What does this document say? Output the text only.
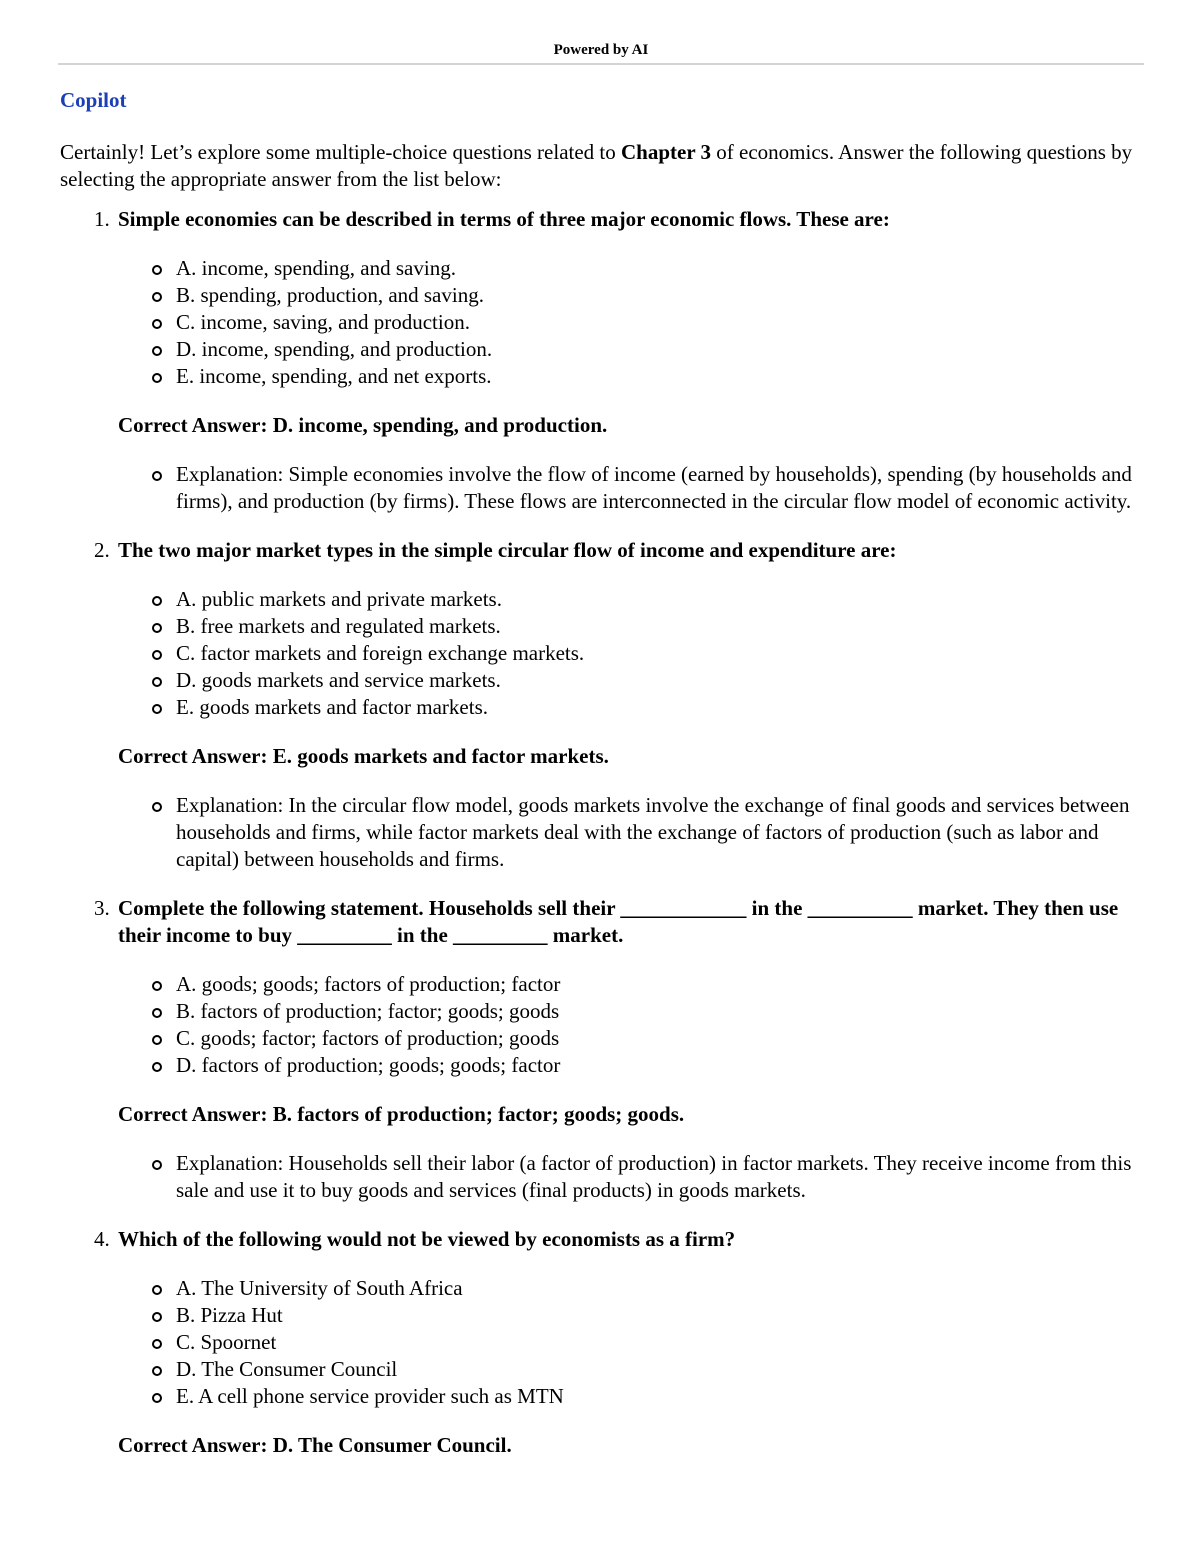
Powered by AI
Copilot

Certainly! Let’s explore some multiple-choice questions related to Chapter 3 of economics. Answer the following questions by selecting the appropriate answer from the list below:

1. Simple economies can be described in terms of three major economic flows. These are:

A. income, spending, and saving.
B. spending, production, and saving.
C. income, saving, and production.
D. income, spending, and production.
E. income, spending, and net exports.

Correct Answer: D. income, spending, and production.

Explanation: Simple economies involve the flow of income (earned by households), spending (by households and firms), and production (by firms). These flows are interconnected in the circular flow model of economic activity.
2. The two major market types in the simple circular flow of income and expenditure are:

A. public markets and private markets.
B. free markets and regulated markets.
C. factor markets and foreign exchange markets.
D. goods markets and service markets.
E. goods markets and factor markets.

Correct Answer: E. goods markets and factor markets.

Explanation: In the circular flow model, goods markets involve the exchange of final goods and services between households and firms, while factor markets deal with the exchange of factors of production (such as labor and capital) between households and firms.
3. Complete the following statement. Households sell their ____________ in the __________ market. They then use their income to buy _________ in the _________ market.

A. goods; goods; factors of production; factor
B. factors of production; factor; goods; goods
C. goods; factor; factors of production; goods
D. factors of production; goods; goods; factor

Correct Answer: B. factors of production; factor; goods; goods.

Explanation: Households sell their labor (a factor of production) in factor markets. They receive income from this sale and use it to buy goods and services (final products) in goods markets.
4. Which of the following would not be viewed by economists as a firm?

A. The University of South Africa
B. Pizza Hut
C. Spoornet
D. The Consumer Council
E. A cell phone service provider such as MTN

Correct Answer: D. The Consumer Council.
